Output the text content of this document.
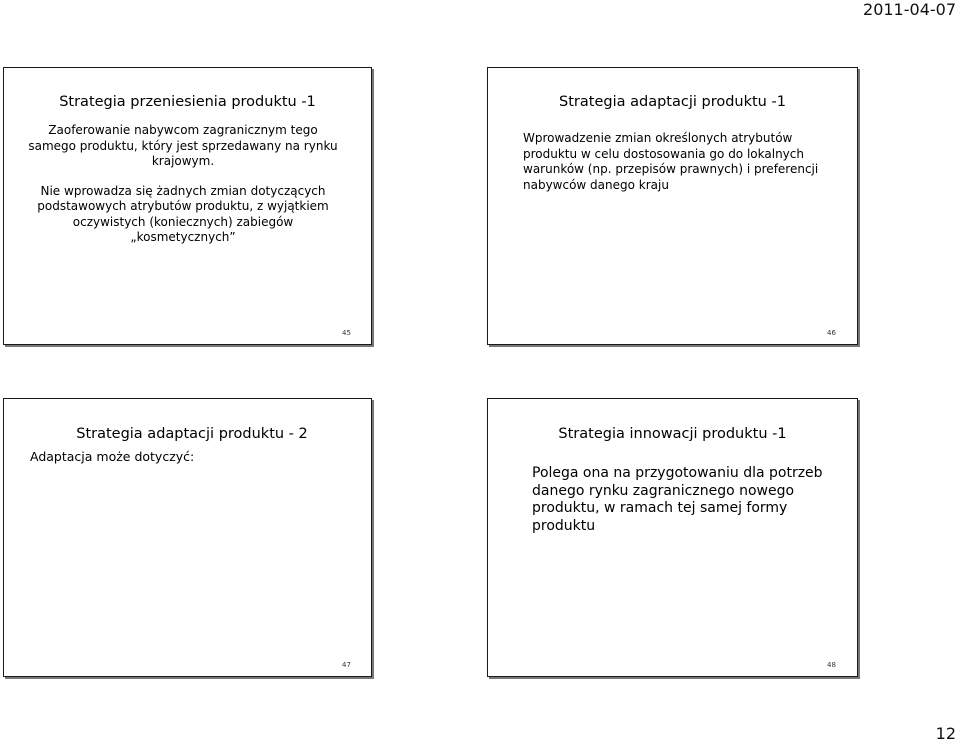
2011-04-07
Strategia przeniesienia produktu -1

Zaoferowanie nabywcom zagranicznym tego samego produktu, który jest sprzedawany na rynku krajowym.

Nie wprowadza się żadnych zmian dotyczących podstawowych atrybutów produktu, z wyjątkiem oczywistych (koniecznych) zabiegów „kosmetycznych”

45
Strategia adaptacji produktu -1

Wprowadzenie zmian określonych atrybutów produktu w celu dostosowania go do lokalnych warunków (np. przepisów prawnych) i preferencji nabywców danego kraju

46
Strategia adaptacji produktu - 2

Adaptacja może dotyczyć:

47
Strategia innowacji produktu -1

Polega ona na przygotowaniu dla potrzeb danego rynku zagranicznego nowego produktu, w ramach tej samej formy produktu

48
12
